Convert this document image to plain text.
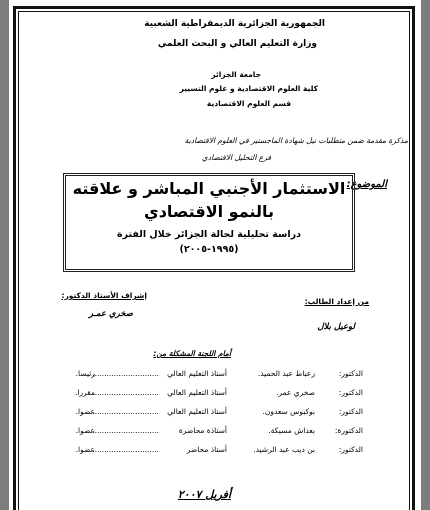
الجمهورية الجزائرية الديمقراطية الشعبية
وزارة التعليم العالي و البحث العلمي
جامعة الجزائر
كلية العلوم الاقتصادية و علوم التسيير
قسم العلوم الاقتصادية
مذكرة مقدمة ضمن متطلبات نيل شهادة الماجستير في العلوم الاقتصادية
فرع التحليل الاقتصادي
الموضوع:
الاستثمار الأجنبي المباشر و علاقته
بالنمو الاقتصادي
دراسة تحليلية لحالة الجزائر خلال الفترة
(١٩٩٥-٢٠٠٥)
من إعداد الطالب:
لوعيل بلال
إشراف الأستاذ الدكتور:
صخري عمـر
أمام اللجنة المشكلة من:
الدكتور:
زعباط عبد الحميد.
أستاذ التعليم العالي
............................
رئيسا.
الدكتور:
صخري عمر.
أستاذ التعليم العالي
............................
مقررا.
الدكتور:
بوكبوس سعدون.
أستاذ التعليم العالي
............................
عضوا.
الدكتورة:
بعداش مسيكة.
أستاذة محاضرة
............................
عضوا.
الدكتور:
بن ديب عبد الرشيد.
أستاذ محاضر
............................
عضوا.
أفريل ٢٠٠٧
